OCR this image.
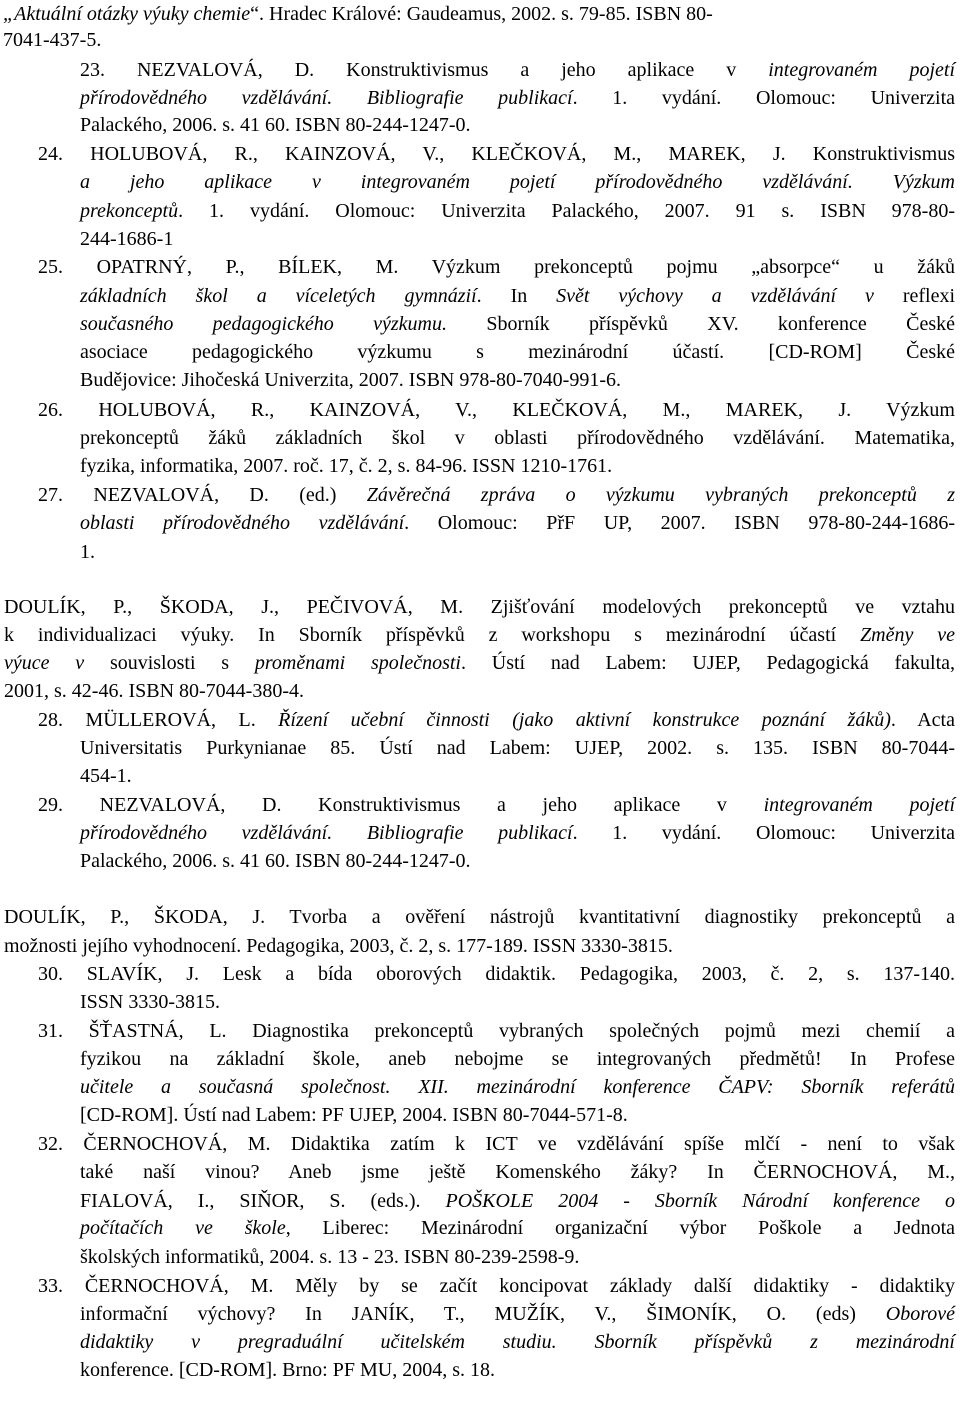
„Aktuální otázky výuky chemie“. Hradec Králové: Gaudeamus, 2002. s. 79-85. ISBN 80-
7041-437-5.
23. NEZVALOVÁ, D. Konstruktivismus a jeho aplikace v integrovaném pojetí
přírodovědného vzdělávání. Bibliografie publikací. 1. vydání. Olomouc: Univerzita
Palackého, 2006. s. 41 60. ISBN 80-244-1247-0.
24. HOLUBOVÁ, R., KAINZOVÁ, V., KLEČKOVÁ, M., MAREK, J. Konstruktivismus
a jeho aplikace v integrovaném pojetí přírodovědného vzdělávání. Výzkum
prekonceptů. 1. vydání. Olomouc: Univerzita Palackého, 2007. 91 s. ISBN 978-80-
244-1686-1
25. OPATRNÝ, P., BÍLEK, M. Výzkum prekonceptů pojmu „absorpce“ u žáků
základních škol a víceletých gymnázií. In Svět výchovy a vzdělávání v reflexi
současného pedagogického výzkumu. Sborník příspěvků XV. konference České
asociace pedagogického výzkumu s mezinárodní účastí. [CD-ROM] České
Budějovice: Jihočeská Univerzita, 2007. ISBN 978-80-7040-991-6.
26. HOLUBOVÁ, R., KAINZOVÁ, V., KLEČKOVÁ, M., MAREK, J. Výzkum
prekonceptů žáků základních škol v oblasti přírodovědného vzdělávání. Matematika,
fyzika, informatika, 2007. roč. 17, č. 2, s. 84-96. ISSN 1210-1761.
27. NEZVALOVÁ, D. (ed.) Závěrečná zpráva o výzkumu vybraných prekonceptů z
oblasti přírodovědného vzdělávání. Olomouc: PřF UP, 2007. ISBN 978-80-244-1686-
1.
DOULÍK, P., ŠKODA, J., PEČIVOVÁ, M. Zjišťování modelových prekonceptů ve vztahu
k individualizaci výuky. In Sborník příspěvků z workshopu s mezinárodní účastí Změny ve
výuce v souvislosti s proměnami společnosti. Ústí nad Labem: UJEP, Pedagogická fakulta,
2001, s. 42-46. ISBN 80-7044-380-4.
28. MÜLLEROVÁ, L. Řízení učební činnosti (jako aktivní konstrukce poznání žáků). Acta
Universitatis Purkynianae 85. Ústí nad Labem: UJEP, 2002. s. 135. ISBN 80-7044-
454-1.
29. NEZVALOVÁ, D. Konstruktivismus a jeho aplikace v integrovaném pojetí
přírodovědného vzdělávání. Bibliografie publikací. 1. vydání. Olomouc: Univerzita
Palackého, 2006. s. 41 60. ISBN 80-244-1247-0.
DOULÍK, P., ŠKODA, J. Tvorba a ověření nástrojů kvantitativní diagnostiky prekonceptů a
možnosti jejího vyhodnocení. Pedagogika, 2003, č. 2, s. 177-189. ISSN 3330-3815.
30. SLAVÍK, J. Lesk a bída oborových didaktik. Pedagogika, 2003, č. 2, s. 137-140.
ISSN 3330-3815.
31. ŠŤASTNÁ, L. Diagnostika prekonceptů vybraných společných pojmů mezi chemií a
fyzikou na základní škole, aneb nebojme se integrovaných předmětů! In Profese
učitele a současná společnost. XII. mezinárodní konference ČAPV: Sborník referátů
[CD-ROM]. Ústí nad Labem: PF UJEP, 2004. ISBN 80-7044-571-8.
32. ČERNOCHOVÁ, M. Didaktika zatím k ICT ve vzdělávání spíše mlčí - není to však
také naší vinou? Aneb jsme ještě Komenského žáky? In ČERNOCHOVÁ, M.,
FIALOVÁ, I., SIŇOR, S. (eds.). POŠKOLE 2004 - Sborník Národní konference o
počítačích ve škole, Liberec: Mezinárodní organizační výbor Poškole a Jednota
školských informatiků, 2004. s. 13 - 23. ISBN 80-239-2598-9.
33. ČERNOCHOVÁ, M. Měly by se začít koncipovat základy další didaktiky - didaktiky
informační výchovy? In JANÍK, T., MUŽÍK, V., ŠIMONÍK, O. (eds) Oborové
didaktiky v pregraduální učitelském studiu. Sborník příspěvků z mezinárodní
konference. [CD-ROM]. Brno: PF MU, 2004, s. 18.
